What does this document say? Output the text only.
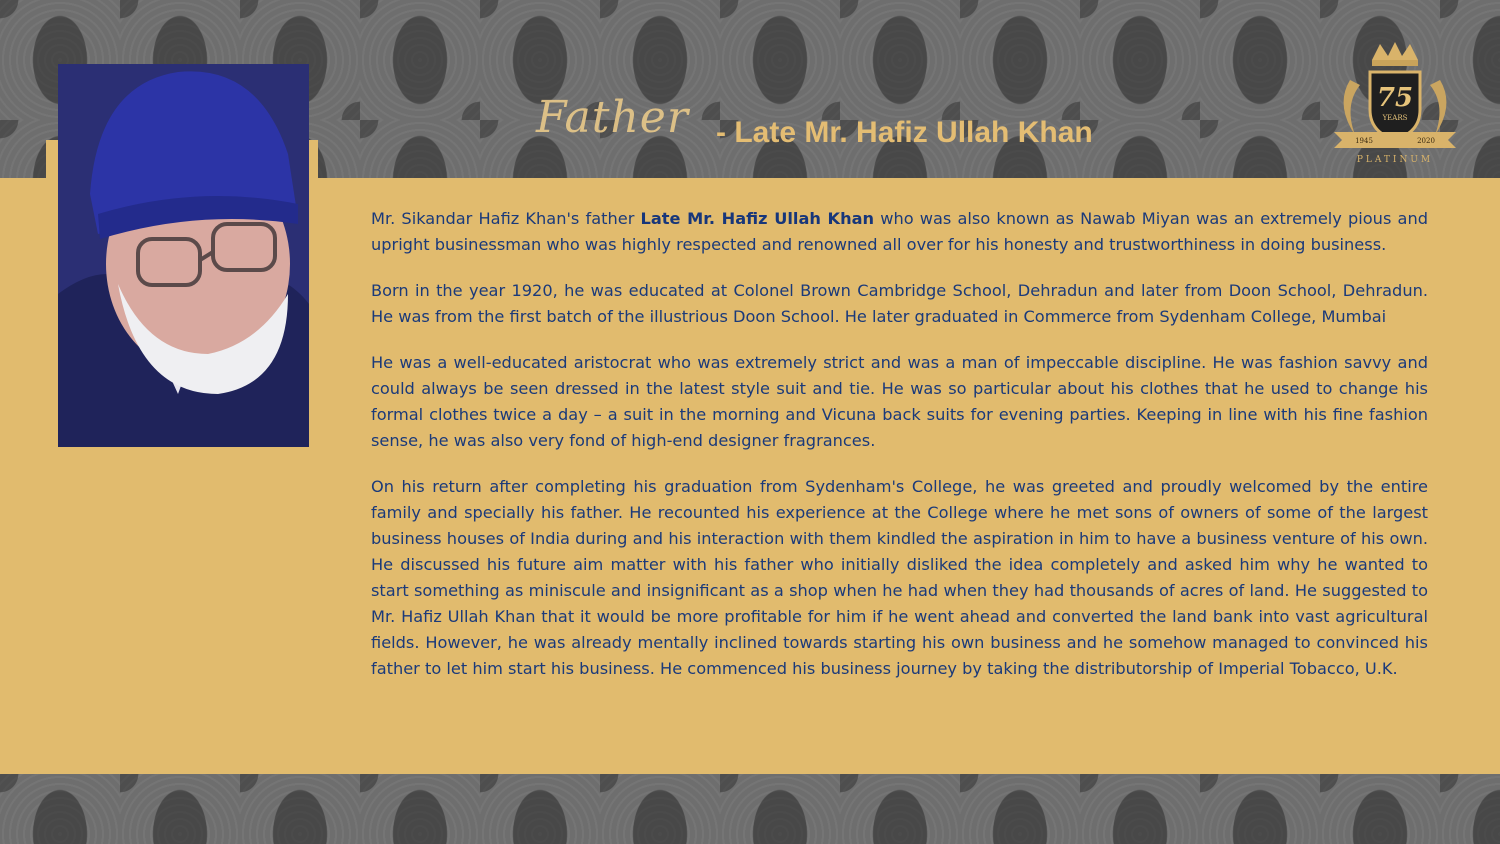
Father - Late Mr. Hafiz Ullah Khan
75
YEARS
1945	2020
PLATINUM

Mr. Sikandar Hafiz Khan's father Late Mr. Hafiz Ullah Khan who was also known as Nawab Miyan was an extremely pious and upright businessman who was highly respected and renowned all over for his honesty and trustworthiness in doing business.

Born in the year 1920, he was educated at Colonel Brown Cambridge School, Dehradun and later from Doon School, Dehradun. He was from the first batch of the illustrious Doon School. He later graduated in Commerce from Sydenham College, Mumbai

He was a well-educated aristocrat who was extremely strict and was a man of impeccable discipline. He was fashion savvy and could always be seen dressed in the latest style suit and tie. He was so particular about his clothes that he used to change his formal clothes twice a day – a suit in the morning and Vicuna back suits for evening parties. Keeping in line with his fine fashion sense, he was also very fond of high-end designer fragrances.

On his return after completing his graduation from Sydenham's College, he was greeted and proudly welcomed by the entire family and specially his father. He recounted his experience at the College where he met sons of owners of some of the largest business houses of India during and his interaction with them kindled the aspiration in him to have a business venture of his own. He discussed his future aim matter with his father who initially disliked the idea completely and asked him why he wanted to start something as miniscule and insignificant as a shop when he had when they had thousands of acres of land. He suggested to Mr. Hafiz Ullah Khan that it would be more profitable for him if he went ahead and converted the land bank into vast agricultural fields. However, he was already mentally inclined towards starting his own business and he somehow managed to convinced his father to let him start his business. He commenced his business journey by taking the distributorship of Imperial Tobacco, U.K.
